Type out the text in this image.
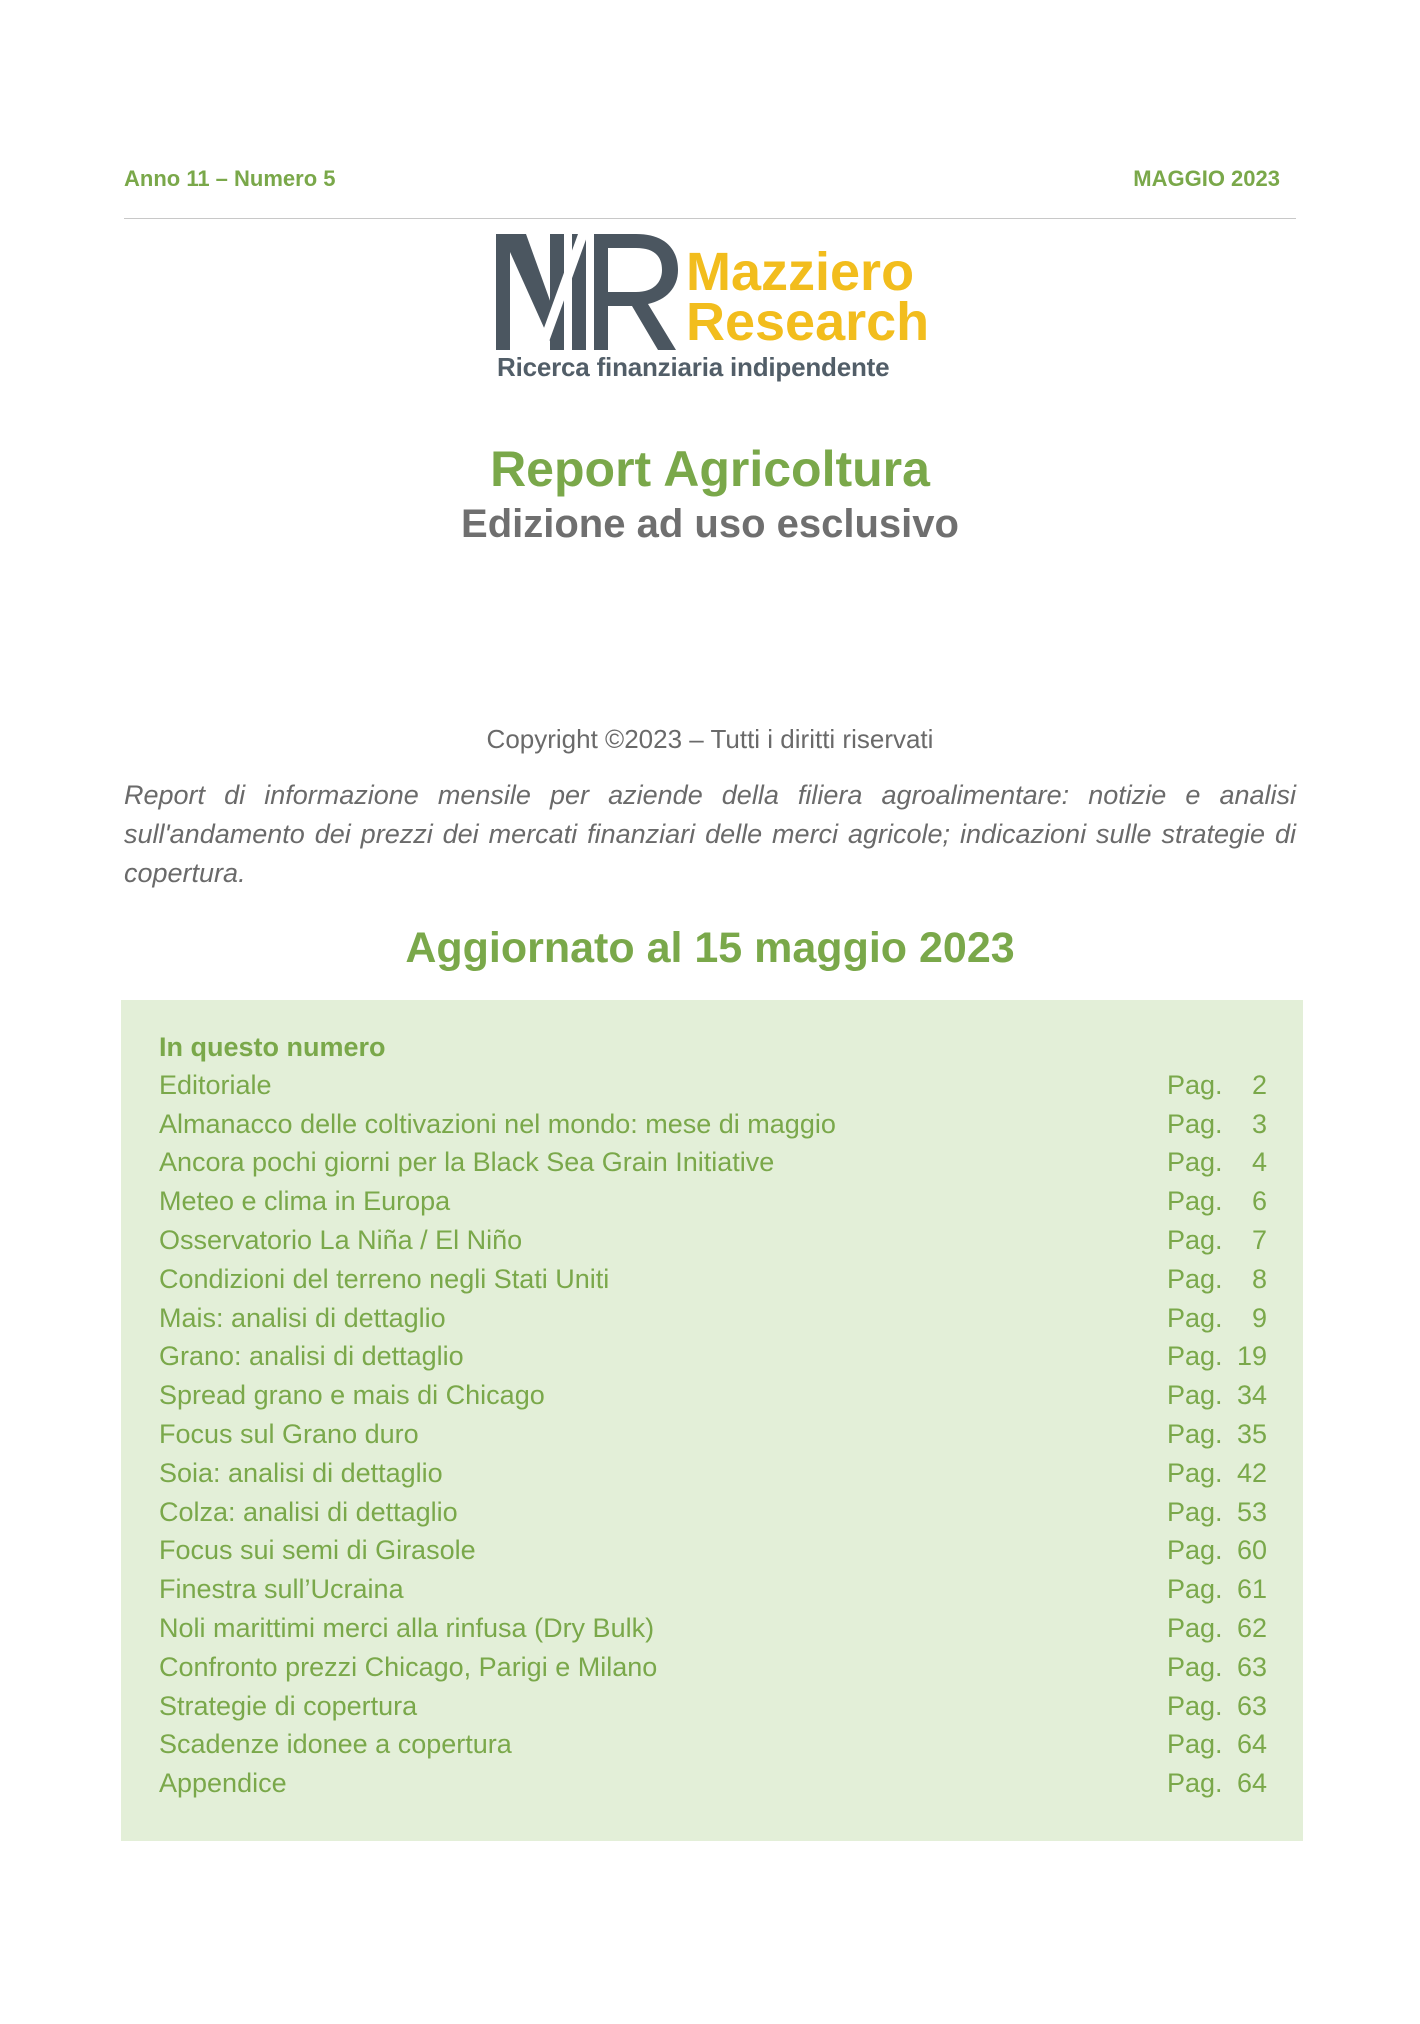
Anno 11 – Numero 5	MAGGIO 2023
Mazziero
Research
Ricerca finanziaria indipendente
Report Agricoltura
Edizione ad uso esclusivo
Copyright ©2023 – Tutti i diritti riservati

Report di informazione mensile per aziende della filiera agroalimentare: notizie e analisi sull'andamento dei prezzi dei mercati finanziari delle merci agricole; indicazioni sulle strategie di copertura.

Aggiornato al 15 maggio 2023
In questo numero
Editoriale	Pag. 2
Almanacco delle coltivazioni nel mondo: mese di maggio	Pag. 3
Ancora pochi giorni per la Black Sea Grain Initiative	Pag. 4
Meteo e clima in Europa	Pag. 6
Osservatorio La Niña / El Niño	Pag. 7
Condizioni del terreno negli Stati Uniti	Pag. 8
Mais: analisi di dettaglio	Pag. 9
Grano: analisi di dettaglio	Pag. 19
Spread grano e mais di Chicago	Pag. 34
Focus sul Grano duro	Pag. 35
Soia: analisi di dettaglio	Pag. 42
Colza: analisi di dettaglio	Pag. 53
Focus sui semi di Girasole	Pag. 60
Finestra sull’Ucraina	Pag. 61
Noli marittimi merci alla rinfusa (Dry Bulk)	Pag. 62
Confronto prezzi Chicago, Parigi e Milano	Pag. 63
Strategie di copertura	Pag. 63
Scadenze idonee a copertura	Pag. 64
Appendice	Pag. 64
